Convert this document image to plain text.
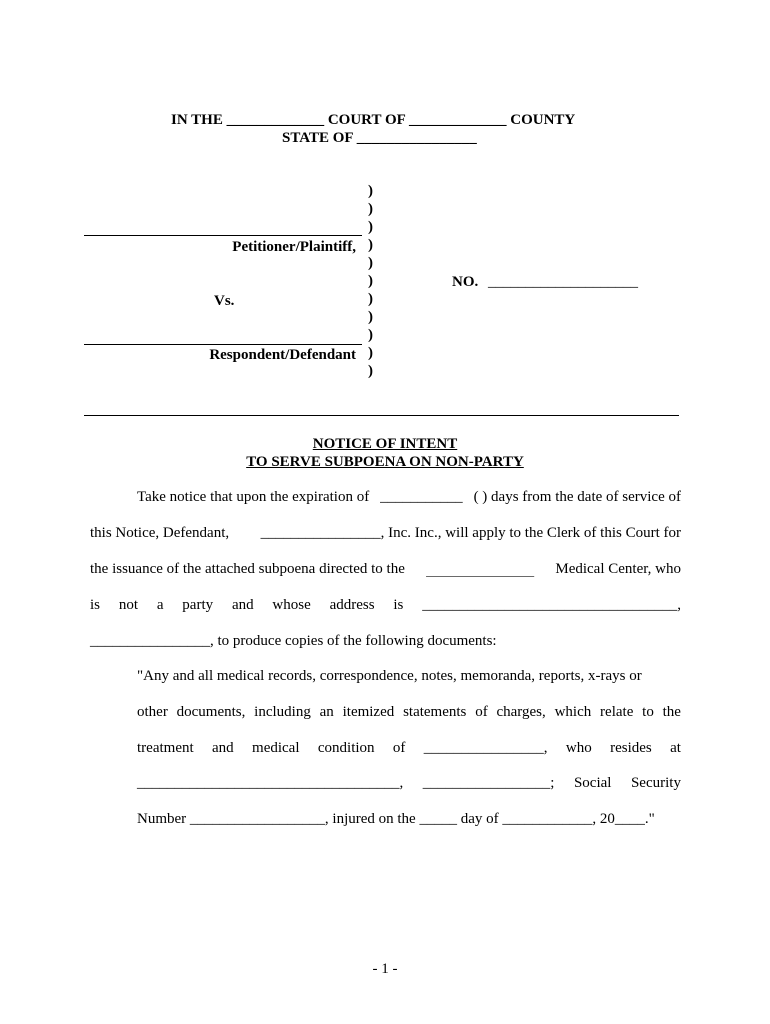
IN THE _____________ COURT OF _____________ COUNTY
STATE OF ________________
Petitioner/Plaintiff,
Vs.
Respondent/Defendant
)
)
)
)
)
)
)
)
)
)
)
NO. ____________________
NOTICE OF INTENT
TO SERVE SUBPOENA ON NON-PARTY
Take notice that upon the expiration of ___________ ( ) days from the date of service of
this Notice, Defendant, ________________, Inc. Inc., will apply to the Clerk of this Court for
the issuance of the attached subpoena directed to the __________________ Medical Center, who
is not a party and whose address is __________________________________,
________________, to produce copies of the following documents:
"Any and all medical records, correspondence, notes, memoranda, reports, x-rays or
other documents, including an itemized statements of charges, which relate to the
treatment and medical condition of ________________, who resides at
___________________________________, _________________; Social Security
Number __________________, injured on the _____ day of ____________, 20____."
- 1 -
